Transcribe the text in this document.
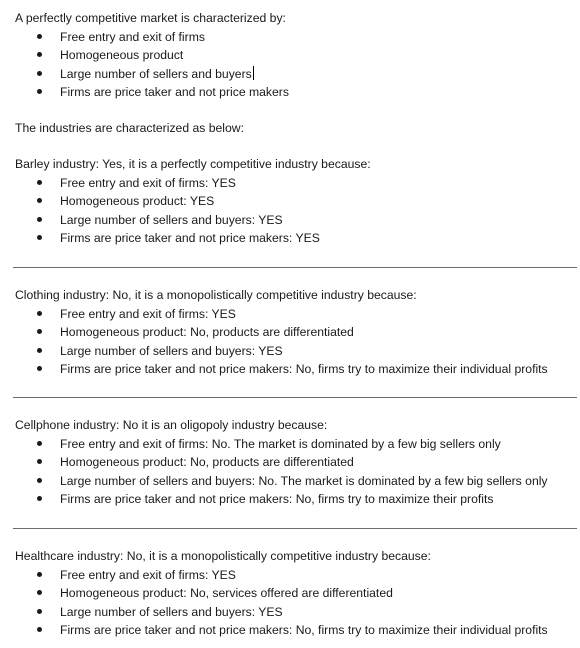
A perfectly competitive market is characterized by:
Free entry and exit of firms
Homogeneous product
Large number of sellers and buyers
Firms are price taker and not price makers
The industries are characterized as below:
Barley industry: Yes, it is a perfectly competitive industry because:
Free entry and exit of firms: YES
Homogeneous product: YES
Large number of sellers and buyers: YES
Firms are price taker and not price makers: YES
Clothing industry: No, it is a monopolistically competitive industry because:
Free entry and exit of firms: YES
Homogeneous product: No, products are differentiated
Large number of sellers and buyers: YES
Firms are price taker and not price makers: No, firms try to maximize their individual profits
Cellphone industry: No it is an oligopoly industry because:
Free entry and exit of firms: No. The market is dominated by a few big sellers only
Homogeneous product: No, products are differentiated
Large number of sellers and buyers: No. The market is dominated by a few big sellers only
Firms are price taker and not price makers: No, firms try to maximize their profits
Healthcare industry: No, it is a monopolistically competitive industry because:
Free entry and exit of firms: YES
Homogeneous product: No, services offered are differentiated
Large number of sellers and buyers: YES
Firms are price taker and not price makers: No, firms try to maximize their individual profits
